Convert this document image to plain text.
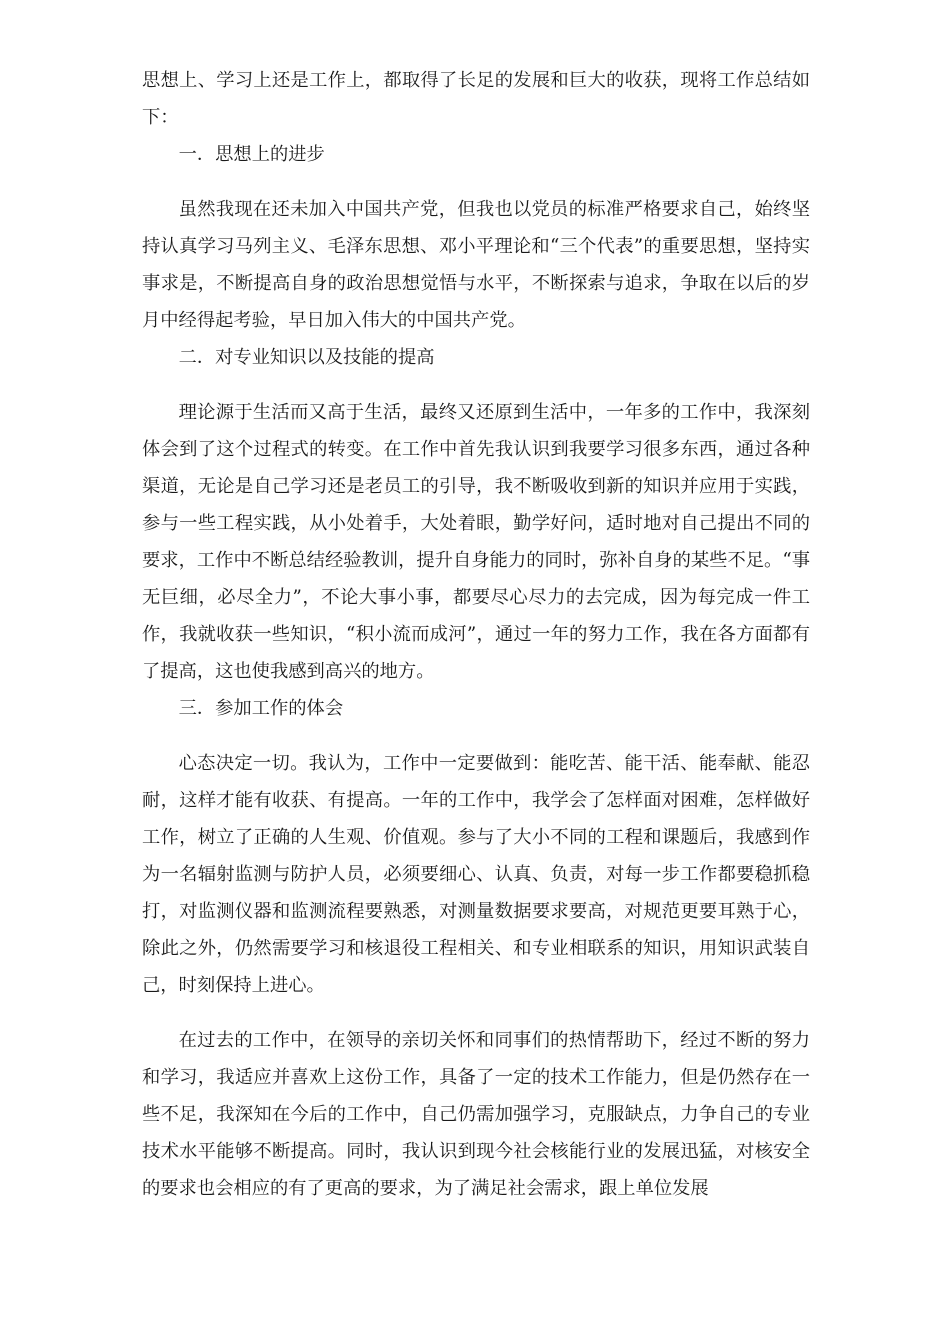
思想上、学习上还是工作上，都取得了长足的发展和巨大的收获，现将工作总结如下：

一．思想上的进步

虽然我现在还未加入中国共产党，但我也以党员的标准严格要求自己，始终坚持认真学习马列主义、毛泽东思想、邓小平理论和“三个代表”的重要思想，坚持实事求是，不断提高自身的政治思想觉悟与水平，不断探索与追求，争取在以后的岁月中经得起考验，早日加入伟大的中国共产党。

二．对专业知识以及技能的提高

理论源于生活而又高于生活，最终又还原到生活中，一年多的工作中，我深刻体会到了这个过程式的转变。在工作中首先我认识到我要学习很多东西，通过各种渠道，无论是自己学习还是老员工的引导，我不断吸收到新的知识并应用于实践，参与一些工程实践，从小处着手，大处着眼，勤学好问，适时地对自己提出不同的要求，工作中不断总结经验教训，提升自身能力的同时，弥补自身的某些不足。“事无巨细，必尽全力”，不论大事小事，都要尽心尽力的去完成，因为每完成一件工作，我就收获一些知识，“积小流而成河”，通过一年的努力工作，我在各方面都有了提高，这也使我感到高兴的地方。

三．参加工作的体会

心态决定一切。我认为，工作中一定要做到：能吃苦、能干活、能奉献、能忍耐，这样才能有收获、有提高。一年的工作中，我学会了怎样面对困难，怎样做好工作，树立了正确的人生观、价值观。参与了大小不同的工程和课题后，我感到作为一名辐射监测与防护人员，必须要细心、认真、负责，对每一步工作都要稳抓稳打，对监测仪器和监测流程要熟悉，对测量数据要求要高，对规范更要耳熟于心，除此之外，仍然需要学习和核退役工程相关、和专业相联系的知识，用知识武装自己，时刻保持上进心。

在过去的工作中，在领导的亲切关怀和同事们的热情帮助下，经过不断的努力和学习，我适应并喜欢上这份工作，具备了一定的技术工作能力，但是仍然存在一些不足，我深知在今后的工作中，自己仍需加强学习，克服缺点，力争自己的专业技术水平能够不断提高。同时，我认识到现今社会核能行业的发展迅猛，对核安全的要求也会相应的有了更高的要求，为了满足社会需求，跟上单位发展
